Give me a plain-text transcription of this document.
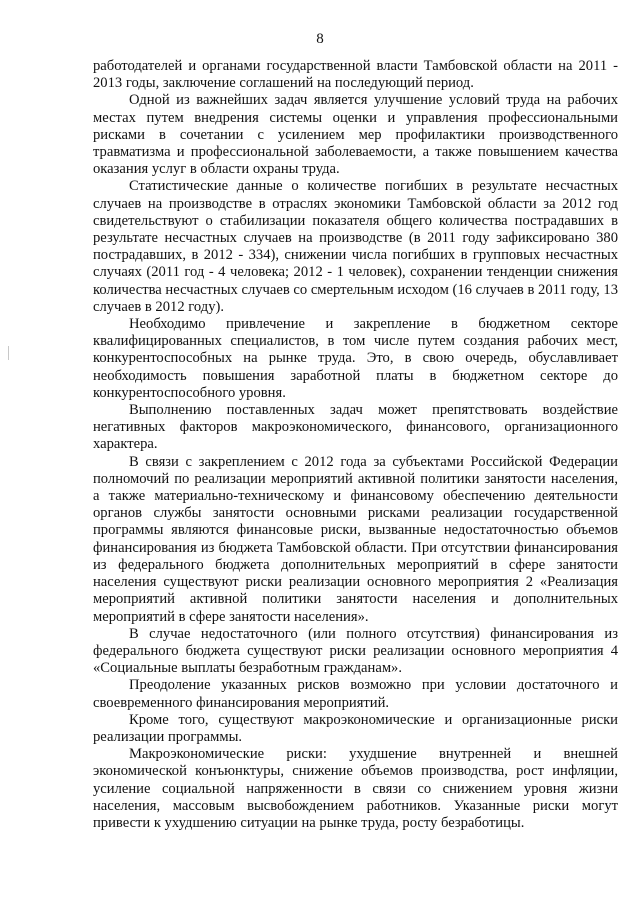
8

работодателей и органами государственной власти Тамбовской области на 2011 - 2013 годы, заключение соглашений на последующий период.

Одной из важнейших задач является улучшение условий труда на рабочих местах путем внедрения системы оценки и управления профессиональными рисками в сочетании с усилением мер профилактики производственного травматизма и профессиональной заболеваемости, а также повышением качества оказания услуг в области охраны труда.

Статистические данные о количестве погибших в результате несчастных случаев на производстве в отраслях экономики Тамбовской области за 2012 год свидетельствуют о стабилизации показателя общего количества пострадавших в результате несчастных случаев на производстве (в 2011 году зафиксировано 380 пострадавших, в 2012 - 334), снижении числа погибших в групповых несчастных случаях (2011 год - 4 человека; 2012 - 1 человек), сохранении тенденции снижения количества несчастных случаев со смертельным исходом (16 случаев в 2011 году, 13 случаев в 2012 году).

Необходимо привлечение и закрепление в бюджетном секторе квалифицированных специалистов, в том числе путем создания рабочих мест, конкурентоспособных на рынке труда. Это, в свою очередь, обуславливает необходимость повышения заработной платы в бюджетном секторе до конкурентоспособного уровня.

Выполнению поставленных задач может препятствовать воздействие негативных факторов макроэкономического, финансового, организационного характера.

В связи с закреплением с 2012 года за субъектами Российской Федерации полномочий по реализации мероприятий активной политики занятости населения, а также материально-техническому и финансовому обеспечению деятельности органов службы занятости основными рисками реализации государственной программы являются финансовые риски, вызванные недостаточностью объемов финансирования из бюджета Тамбовской области. При отсутствии финансирования из федерального бюджета дополнительных мероприятий в сфере занятости населения существуют риски реализации основного мероприятия 2 «Реализация мероприятий активной политики занятости населения и дополнительных мероприятий в сфере занятости населения».

В случае недостаточного (или полного отсутствия) финансирования из федерального бюджета существуют риски реализации основного мероприятия 4 «Социальные выплаты безработным гражданам».

Преодоление указанных рисков возможно при условии достаточного и своевременного финансирования мероприятий.

Кроме того, существуют макроэкономические и организационные риски реализации программы.

Макроэкономические риски: ухудшение внутренней и внешней экономической конъюнктуры, снижение объемов производства, рост инфляции, усиление социальной напряженности в связи со снижением уровня жизни населения, массовым высвобождением работников. Указанные риски могут привести к ухудшению ситуации на рынке труда, росту безработицы.
